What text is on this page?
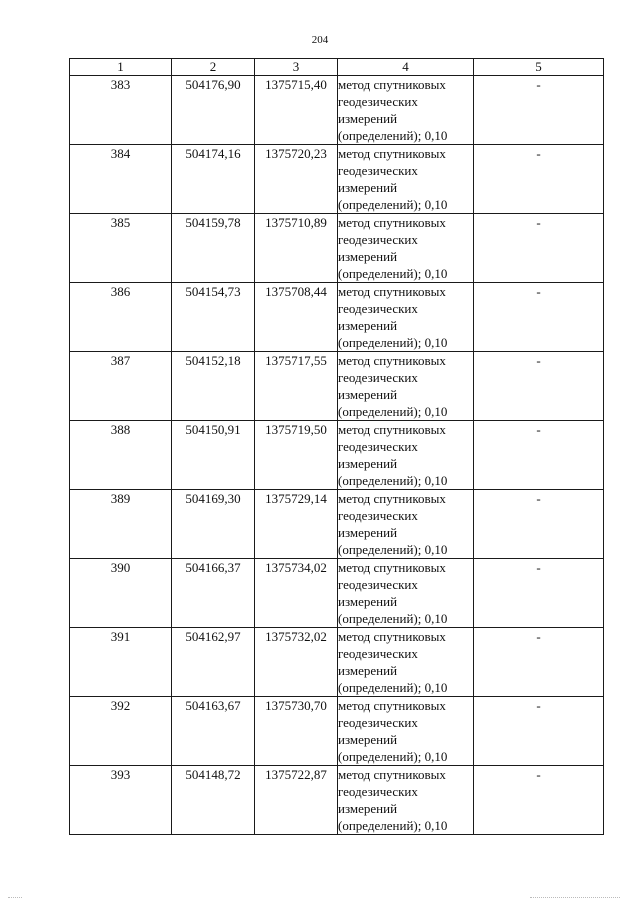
204
1	2	3	4	5
383	504176,90	1375715,40	метод спутниковых геодезических измерений (определений); 0,10	-
384	504174,16	1375720,23	метод спутниковых геодезических измерений (определений); 0,10	-
385	504159,78	1375710,89	метод спутниковых геодезических измерений (определений); 0,10	-
386	504154,73	1375708,44	метод спутниковых геодезических измерений (определений); 0,10	-
387	504152,18	1375717,55	метод спутниковых геодезических измерений (определений); 0,10	-
388	504150,91	1375719,50	метод спутниковых геодезических измерений (определений); 0,10	-
389	504169,30	1375729,14	метод спутниковых геодезических измерений (определений); 0,10	-
390	504166,37	1375734,02	метод спутниковых геодезических измерений (определений); 0,10	-
391	504162,97	1375732,02	метод спутниковых геодезических измерений (определений); 0,10	-
392	504163,67	1375730,70	метод спутниковых геодезических измерений (определений); 0,10	-
393	504148,72	1375722,87	метод спутниковых геодезических измерений (определений); 0,10	-
